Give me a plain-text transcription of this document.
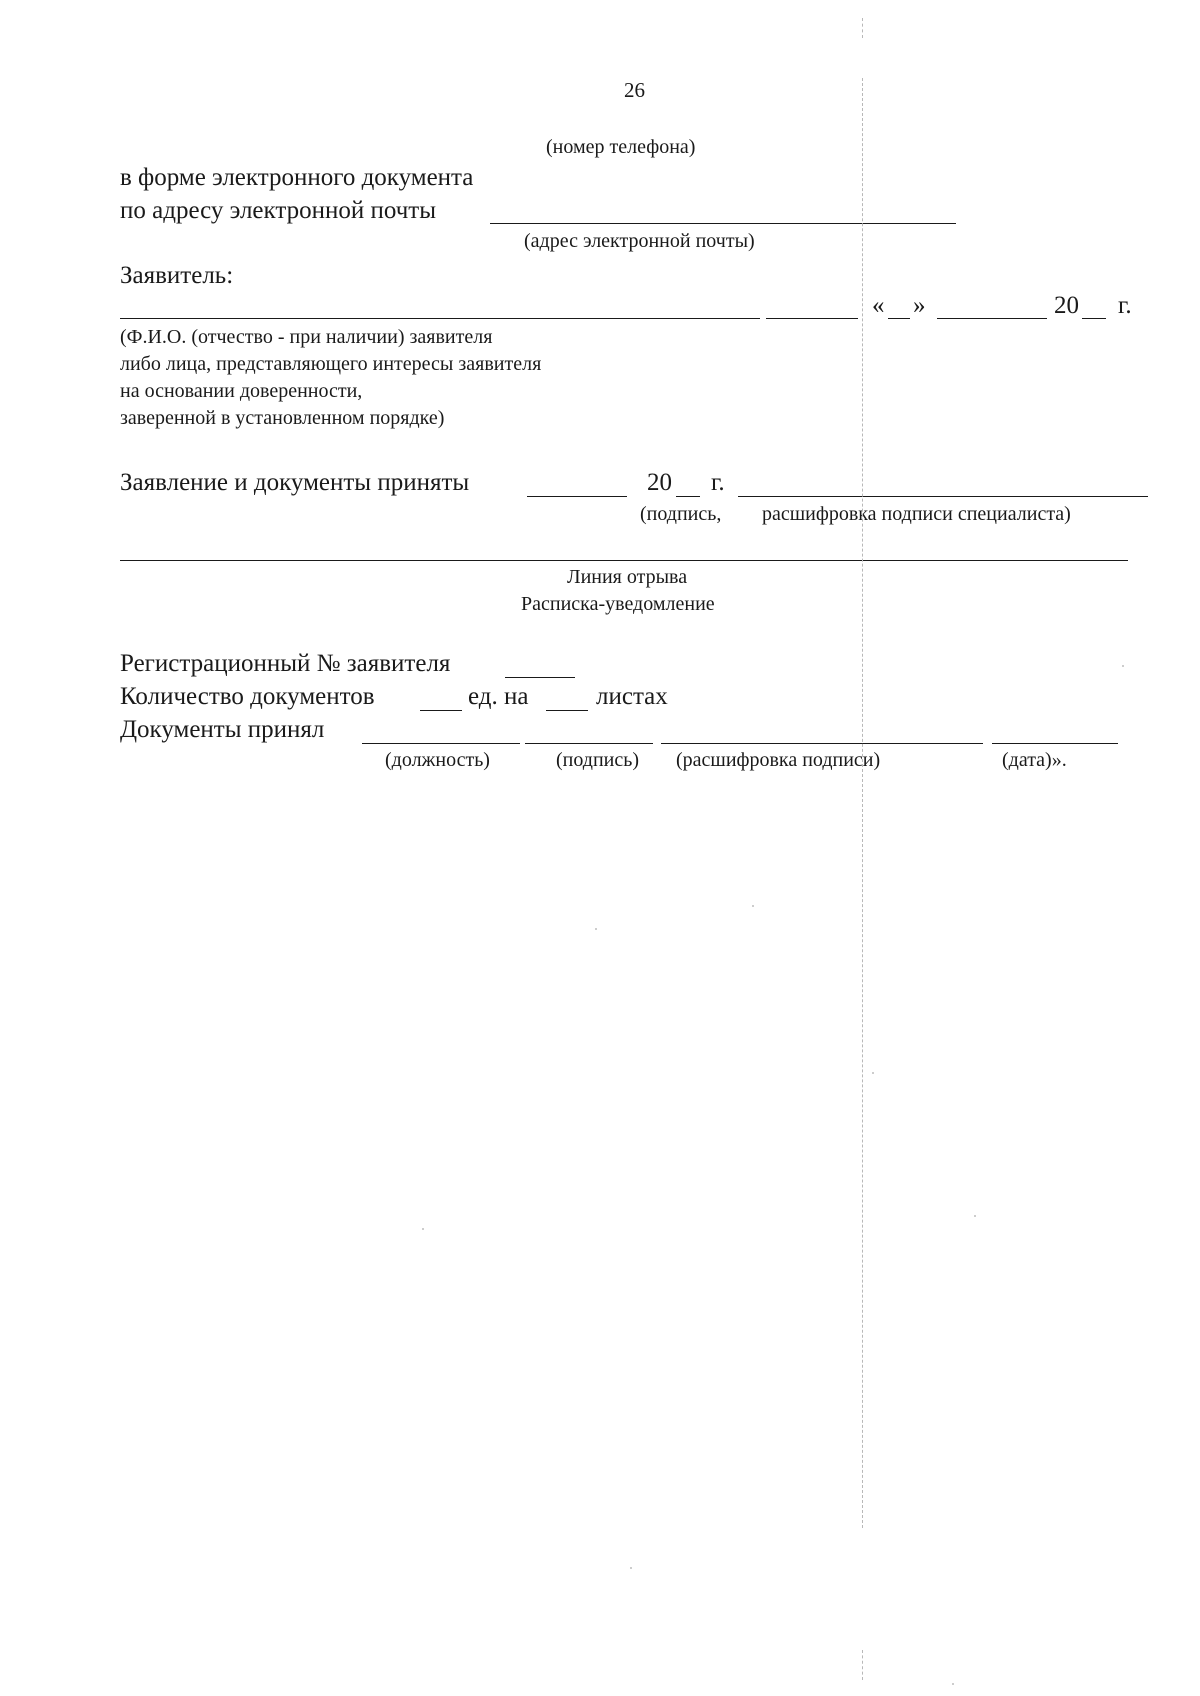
26
(номер телефона)
в форме электронного документа
по адресу электронной почты
(адрес электронной почты)
Заявитель:
« »	20 г.
(Ф.И.О. (отчество - при наличии) заявителя
либо лица, представляющего интересы заявителя
на основании доверенности,
заверенной в установленном порядке)
Заявление и документы приняты	20 г.
(подпись, расшифровка подписи специалиста)
Линия отрыва
Расписка-уведомление
Регистрационный № заявителя
Количество документов	ед. на	листах
Документы принял
(должность)	(подпись) (расшифровка подписи)	(дата)».
